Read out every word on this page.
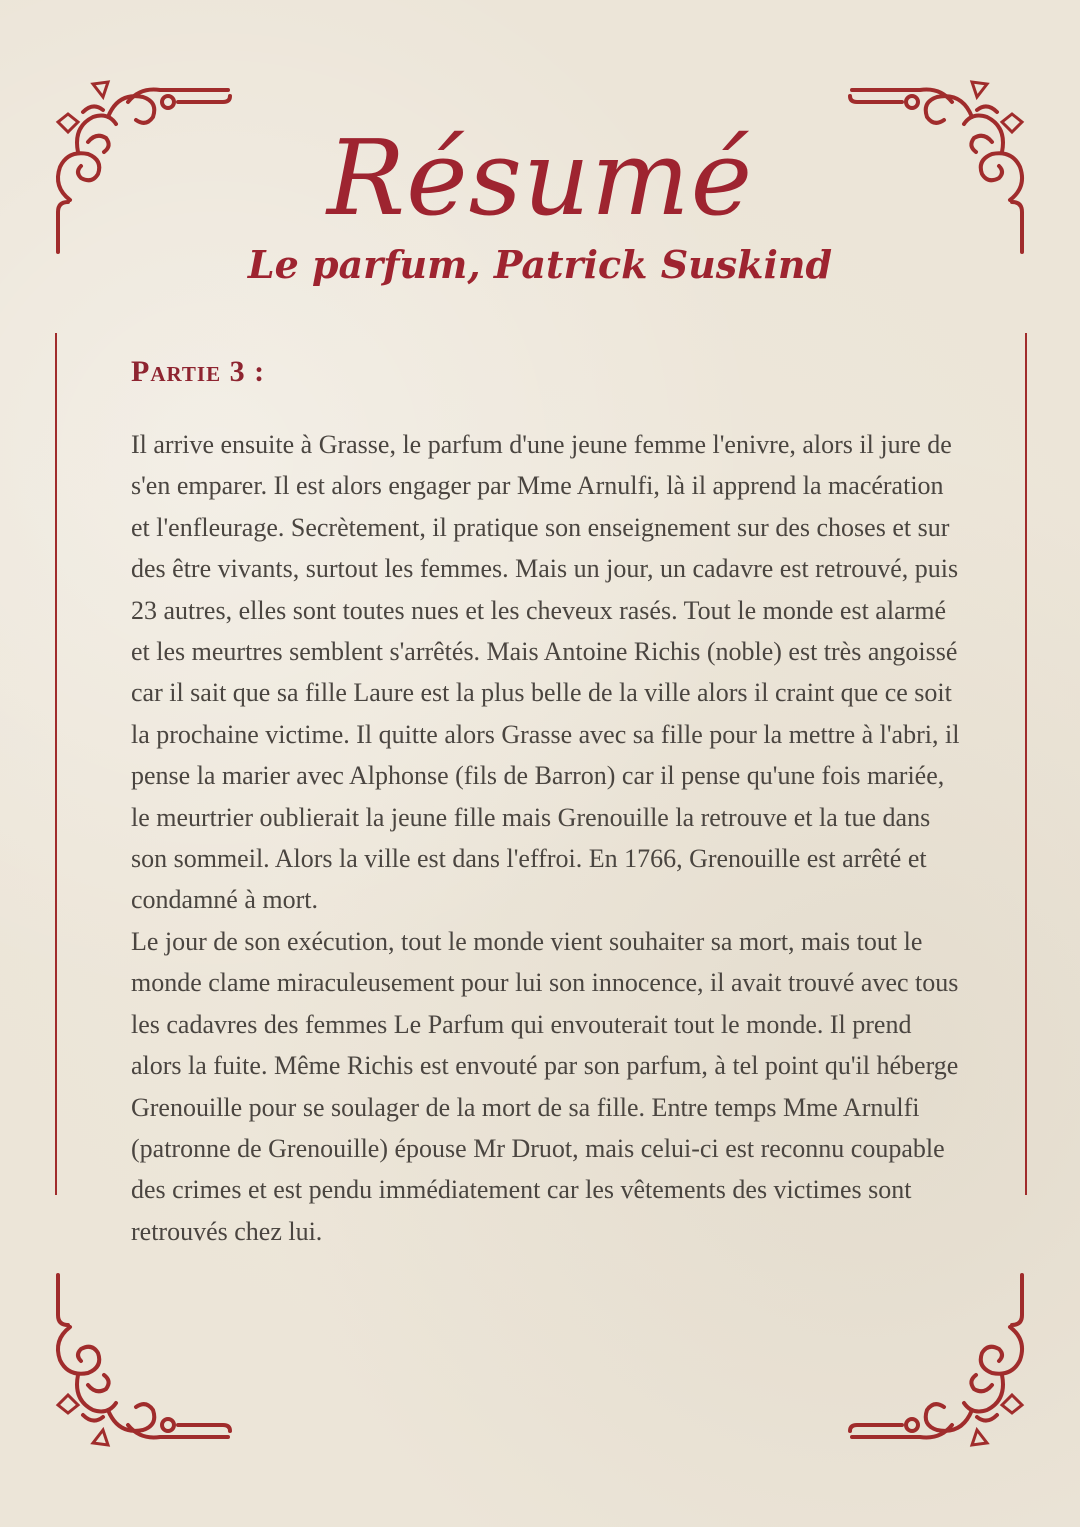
Résumé
Le parfum, Patrick Suskind
Partie 3 :

Il arrive ensuite à Grasse, le parfum d'une jeune femme l'enivre, alors il jure de s'en emparer. Il est alors engager par Mme Arnulfi, là il apprend la macération et l'enfleurage. Secrètement, il pratique son enseignement sur des choses et sur des être vivants, surtout les femmes. Mais un jour, un cadavre est retrouvé, puis 23 autres, elles sont toutes nues et les cheveux rasés. Tout le monde est alarmé et les meurtres semblent s'arrêtés. Mais Antoine Richis (noble) est très angoissé car il sait que sa fille Laure est la plus belle de la ville alors il craint que ce soit la prochaine victime. Il quitte alors Grasse avec sa fille pour la mettre à l'abri, il pense la marier avec Alphonse (fils de Barron) car il pense qu'une fois mariée, le meurtrier oublierait la jeune fille mais Grenouille la retrouve et la tue dans son sommeil. Alors la ville est dans l'effroi. En 1766, Grenouille est arrêté et condamné à mort.

Le jour de son exécution, tout le monde vient souhaiter sa mort, mais tout le monde clame miraculeusement pour lui son innocence, il avait trouvé avec tous les cadavres des femmes Le Parfum qui envouterait tout le monde. Il prend alors la fuite. Même Richis est envouté par son parfum, à tel point qu'il héberge Grenouille pour se soulager de la mort de sa fille. Entre temps Mme Arnulfi (patronne de Grenouille) épouse Mr Druot, mais celui-ci est reconnu coupable des crimes et est pendu immédiatement car les vêtements des victimes sont retrouvés chez lui.
